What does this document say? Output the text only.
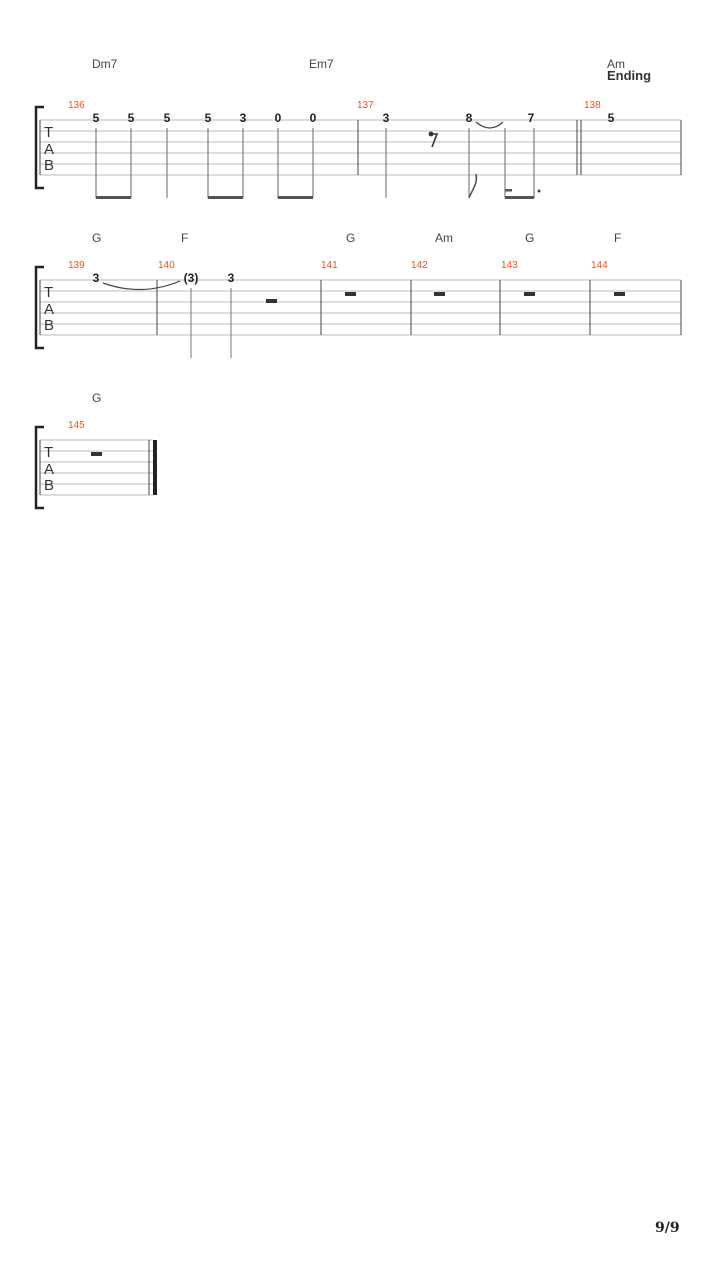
Dm7	Em7	Am
Ending
136	137	138
T
A
B
5 5 5	5 3 0 0	3	8	7	5
G	F	G	Am	G	F
139	140	141	142	143	144
T
A
B
3	(3) 3
G
145
T
A
B
9/9
